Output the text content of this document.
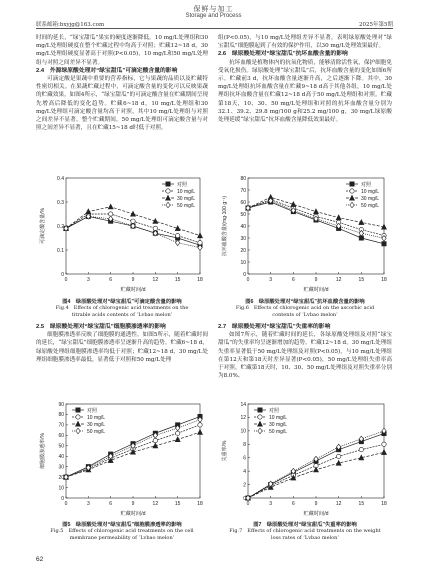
保鲜与加工
Storage and Process
联系邮箱:bxyjg@163.com	2025年第5期

时间的延长，“绿宝甜瓜”果实的硬度逐渐降低。10 mg/L处理组和30 mg/L处理组硬度在整个贮藏过程中均高于对照；贮藏12~18 d，30 mg/L处理组硬度显著高于对照(P<0.05)，10 mg/L和50 mg/L处理组与对照之间差异不显著。

2.4　外源绿原酸处理对“绿宝甜瓜”可滴定酸含量的影响

可滴定酸是果蔬中重要的营养指标，它与果蔬的品质以及贮藏特性密切相关。在果蔬贮藏过程中，可滴定酸含量的变化可以反映果蔬的贮藏效果。如图4所示，“绿宝甜瓜”的可滴定酸含量在贮藏期间呈现先增高后降低的变化趋势。贮藏6~18 d，10 mg/L处理组和30 mg/L处理组可滴定酸含量均高于对照，其中10 mg/L处理组与对照之间差异不显著。整个贮藏期间，50 mg/L处理组可滴定酸含量与对照之间差异不显著，且在贮藏15~18 d时低于对照。

0
0.1
0.2
0.3
0.4
0	3	6	9	12	15	18
贮藏时间/d
可滴定酸含量/%
对照
10 mg/L
30 mg/L
50 mg/L
图4　绿原酸处理对“绿宝甜瓜”可滴定酸含量的影响
Fig.4　Effects of chlorogenic acid treatments on the titrable acids contents of ‘Lvbao melon’

2.5　绿原酸处理对“绿宝甜瓜”细胞膜渗透率的影响

细胞膜渗透率反映了细胞膜的通透性。如图5所示，随着贮藏时间的延长，“绿宝甜瓜”细胞膜渗透率呈逐渐升高的趋势。贮藏6~18 d，绿原酸处理组细胞膜渗透率均低于对照；贮藏12~18 d，30 mg/L处理组细胞膜渗透率最低，显著低于对照和50 mg/L处理

0
10
20
30
40
50
60
70
80
90
0	3	6	9	12	15	18
贮藏时间/d
细胞膜渗透率/%
对照
10 mg/L
30 mg/L
50 mg/L
图5　绿原酸处理对“绿宝甜瓜”细胞膜渗透率的影响
Fig.5　Effects of chlorogenic acid treatments on the cell membrane permeability of ‘Lvbao melon’

组(P<0.05)，与10 mg/L处理组差异不显著。表明绿原酸处理对“绿宝甜瓜”细胞膜起到了有效的保护作用，以30 mg/L处理效果最好。

2.6　绿原酸处理对“绿宝甜瓜”抗坏血酸含量的影响

抗坏血酸是植物体内的抗氧化物质，能够清除活性氧，保护细胞免受氧化损伤。绿原酸处理“绿宝甜瓜”后，抗坏血酸含量的变化如图6所示。贮藏前3 d，抗坏血酸含量逐渐升高，之后逐渐下降。其中，30 mg/L处理组抗坏血酸含量在贮藏9~18 d高于其他各组，10 mg/L处理组抗坏血酸含量在贮藏12~18 d高于50 mg/L处理组和对照。贮藏第18天，10、30、50 mg/L处理组和对照的抗坏血酸含量分别为32.1、39.2、29.8 mg/100 g和25.2 mg/100 g，30 mg/L绿原酸处理延缓“绿宝甜瓜”抗坏血酸含量降低效果最好。

0
10
20
30
40
50
60
70
80
0	3	6	9	12	15	18
贮藏时间/d
抗坏血酸含量/(mg·100 g⁻¹)
对照
10 mg/L
30 mg/L
50 mg/L
图6　绿原酸处理对“绿宝甜瓜”抗坏血酸含量的影响
Fig.6　Effects of chlorogenic acid on the ascorbic acid contents of ‘Lvbao melon’

2.7　绿原酸处理对“绿宝甜瓜”失重率的影响

如图7所示，随着贮藏时间的延长，各绿原酸处理组及对照“绿宝甜瓜”的失重率均呈逐渐增加的趋势。贮藏12~18 d，30 mg/L处理组失重率显著低于50 mg/L处理组及对照(P<0.05)，与10 mg/L处理组在第12天和第18天时差异显著(P<0.05)，50 mg/L处理组失重率高于对照。贮藏第18天时，10、30、50 mg/L处理组及对照失重率分别为8.0%、

0
2
4
6
8
10
12
14
0	3	6	9	12	15	18
贮藏时间/d
失重率/%
对照
10 mg/L
30 mg/L
50 mg/L
图7　绿原酸处理对“绿宝甜瓜”失重率的影响
Fig.7　Effects of chlorogenic acid treatments on the weight loss rates of ‘Lvbao melon’
62
